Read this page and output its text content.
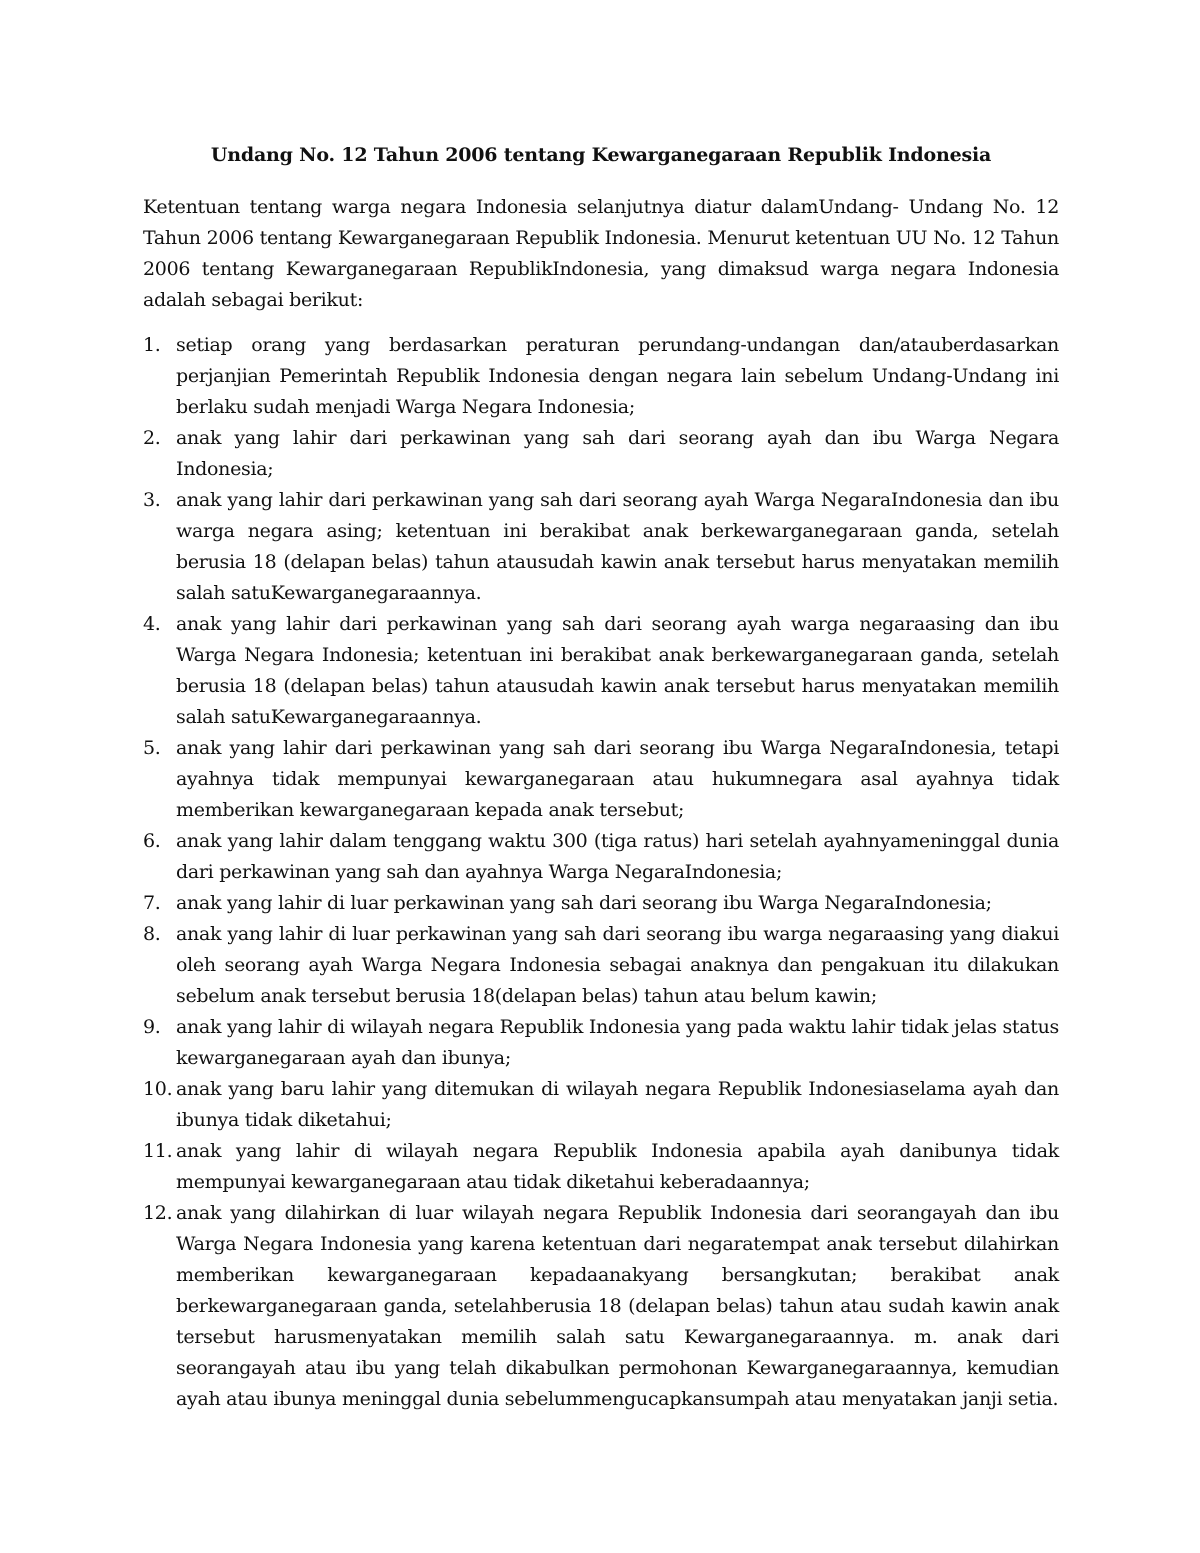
Undang No. 12 Tahun 2006 tentang Kewarganegaraan Republik Indonesia

Ketentuan tentang warga negara Indonesia selanjutnya diatur dalamUndang- Undang No. 12 Tahun 2006 tentang Kewarganegaraan Republik Indonesia. Menurut ketentuan UU No. 12 Tahun 2006 tentang Kewarganegaraan RepublikIndonesia, yang dimaksud warga negara Indonesia adalah sebagai berikut:

1. setiap orang yang berdasarkan peraturan perundang-undangan dan/atauberdasarkan perjanjian Pemerintah Republik Indonesia dengan negara lain sebelum Undang-Undang ini berlaku sudah menjadi Warga Negara Indonesia;
2. anak yang lahir dari perkawinan yang sah dari seorang ayah dan ibu Warga Negara Indonesia;
3. anak yang lahir dari perkawinan yang sah dari seorang ayah Warga NegaraIndonesia dan ibu warga negara asing; ketentuan ini berakibat anak berkewarganegaraan ganda, setelah berusia 18 (delapan belas) tahun atausudah kawin anak tersebut harus menyatakan memilih salah satuKewarganegaraannya.
4. anak yang lahir dari perkawinan yang sah dari seorang ayah warga negaraasing dan ibu Warga Negara Indonesia; ketentuan ini berakibat anak berkewarganegaraan ganda, setelah berusia 18 (delapan belas) tahun atausudah kawin anak tersebut harus menyatakan memilih salah satuKewarganegaraannya.
5. anak yang lahir dari perkawinan yang sah dari seorang ibu Warga NegaraIndonesia, tetapi ayahnya tidak mempunyai kewarganegaraan atau hukumnegara asal ayahnya tidak memberikan kewarganegaraan kepada anak tersebut;
6. anak yang lahir dalam tenggang waktu 300 (tiga ratus) hari setelah ayahnyameninggal dunia dari perkawinan yang sah dan ayahnya Warga NegaraIndonesia;
7. anak yang lahir di luar perkawinan yang sah dari seorang ibu Warga NegaraIndonesia;
8. anak yang lahir di luar perkawinan yang sah dari seorang ibu warga negaraasing yang diakui oleh seorang ayah Warga Negara Indonesia sebagai anaknya dan pengakuan itu dilakukan sebelum anak tersebut berusia 18(delapan belas) tahun atau belum kawin;
9. anak yang lahir di wilayah negara Republik Indonesia yang pada waktu lahir tidak jelas status kewarganegaraan ayah dan ibunya;
10. anak yang baru lahir yang ditemukan di wilayah negara Republik Indonesiaselama ayah dan ibunya tidak diketahui;
11. anak yang lahir di wilayah negara Republik Indonesia apabila ayah danibunya tidak mempunyai kewarganegaraan atau tidak diketahui keberadaannya;
12. anak yang dilahirkan di luar wilayah negara Republik Indonesia dari seorangayah dan ibu Warga Negara Indonesia yang karena ketentuan dari negaratempat anak tersebut dilahirkan memberikan kewarganegaraan kepadaanakyang bersangkutan; berakibat anak berkewarganegaraan ganda, setelahberusia 18 (delapan belas) tahun atau sudah kawin anak tersebut harusmenyatakan memilih salah satu Kewarganegaraannya. m. anak dari seorangayah atau ibu yang telah dikabulkan permohonan Kewarganegaraannya, kemudian ayah atau ibunya meninggal dunia sebelummengucapkansumpah atau menyatakan janji setia.
